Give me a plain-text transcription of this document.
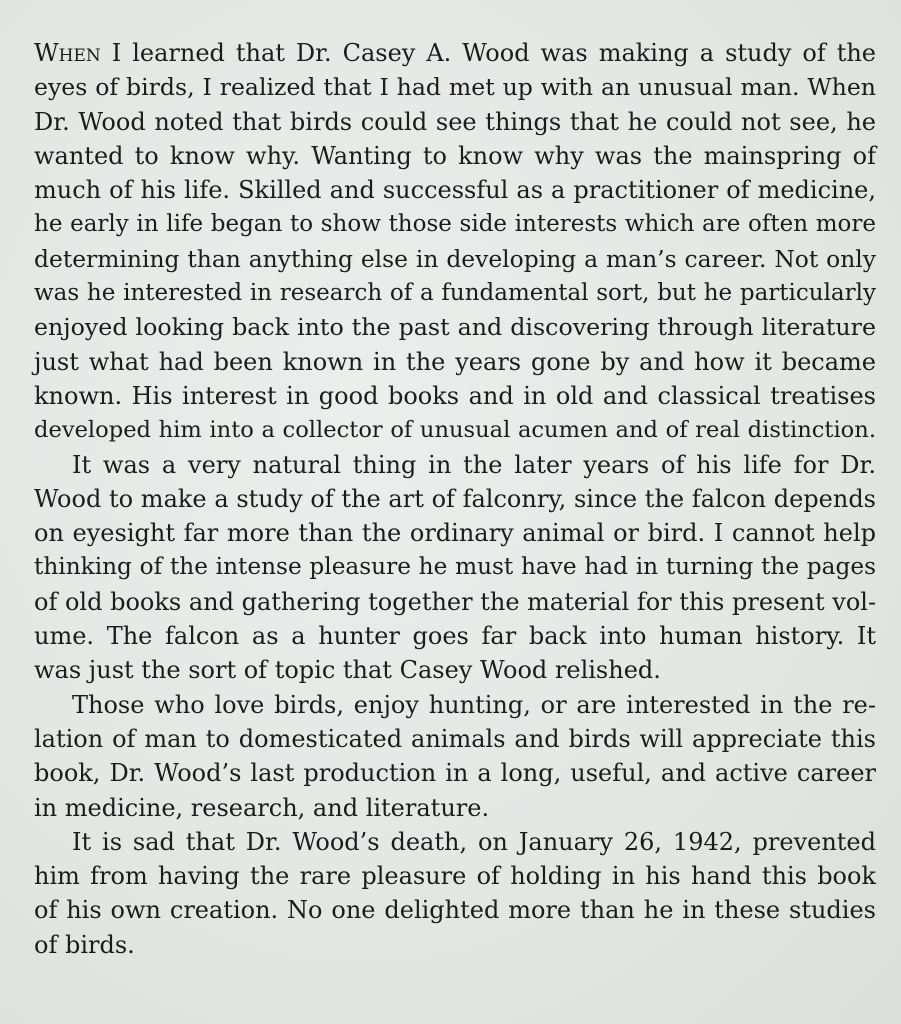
When I learned that Dr. Casey A. Wood was making a study of the
eyes of birds, I realized that I had met up with an unusual man. When
Dr. Wood noted that birds could see things that he could not see, he
wanted to know why. Wanting to know why was the mainspring of
much of his life. Skilled and successful as a practitioner of medicine,
he early in life began to show those side interests which are often more
determining than anything else in developing a man’s career. Not only
was he interested in research of a fundamental sort, but he particularly
enjoyed looking back into the past and discovering through literature
just what had been known in the years gone by and how it became
known. His interest in good books and in old and classical treatises
developed him into a collector of unusual acumen and of real distinction.
It was a very natural thing in the later years of his life for Dr.
Wood to make a study of the art of falconry, since the falcon depends
on eyesight far more than the ordinary animal or bird. I cannot help
thinking of the intense pleasure he must have had in turning the pages
of old books and gathering together the material for this present vol-
ume. The falcon as a hunter goes far back into human history. It
was just the sort of topic that Casey Wood relished.
Those who love birds, enjoy hunting, or are interested in the re-
lation of man to domesticated animals and birds will appreciate this
book, Dr. Wood’s last production in a long, useful, and active career
in medicine, research, and literature.
It is sad that Dr. Wood’s death, on January 26, 1942, prevented
him from having the rare pleasure of holding in his hand this book
of his own creation. No one delighted more than he in these studies
of birds.
